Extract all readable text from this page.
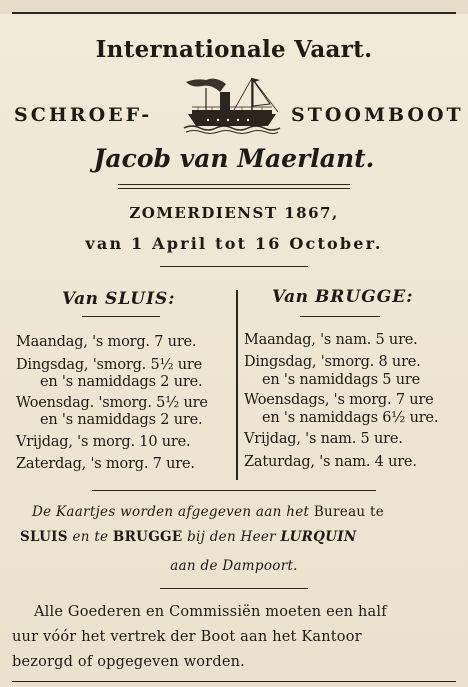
Internationale Vaart.
SCHROEF-	STOOMBOOT
Jacob van Maerlant.
ZOMERDIENST 1867,
van 1 April tot 16 October.
Van SLUIS:	Van BRUGGE:
Maandag, 's morg. 7 ure.
Dingsdag, 'smorg. 5½ ure
en 's namiddags 2 ure.
Woensdag. 'smorg. 5½ ure
en 's namiddags 2 ure.
Vrijdag, 's morg. 10 ure.
Zaterdag, 's morg. 7 ure.
Maandag, 's nam. 5 ure.
Dingsdag, 'smorg. 8 ure.
en 's namiddags 5 ure
Woensdags, 's morg. 7 ure
en 's namiddags 6½ ure.
Vrijdag, 's nam. 5 ure.
Zaturdag, 's nam. 4 ure.
De Kaartjes worden afgegeven aan het Bureau te
SLUIS en te BRUGGE bij den Heer LURQUIN
aan de Dampoort.
Alle Goederen en Commissiën moeten een half
uur vóór het vertrek der Boot aan het Kantoor
bezorgd of opgegeven worden.
